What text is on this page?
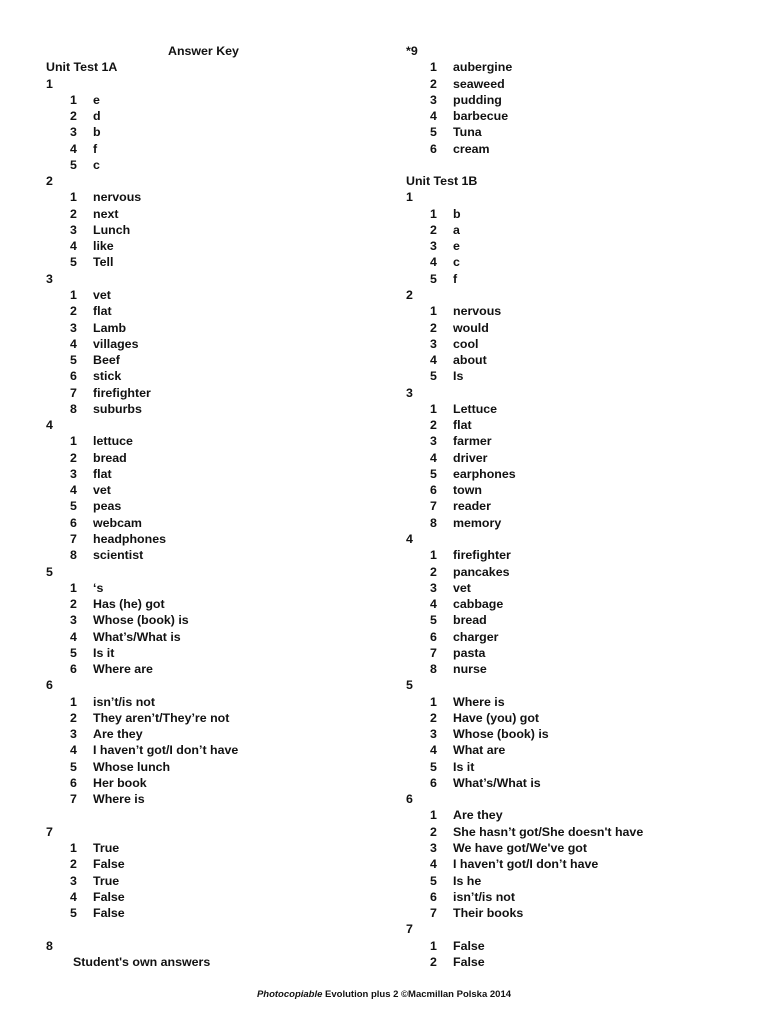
Answer Key
Unit Test 1A
1
1 e
2 d
3 b
4 f
5 c
2
1 nervous
2 next
3 Lunch
4 like
5 Tell
3
1 vet
2 flat
3 Lamb
4 villages
5 Beef
6 stick
7 firefighter
8 suburbs
4
1 lettuce
2 bread
3 flat
4 vet
5 peas
6 webcam
7 headphones
8 scientist
5
1 ‘s
2 Has (he) got
3 Whose (book) is
4 What’s/What is
5 Is it
6 Where are
6
1 isn’t/is not
2 They aren’t/They’re not
3 Are they
4 I haven’t got/I don’t have
5 Whose lunch
6 Her book
7 Where is
7
1 True
2 False
3 True
4 False
5 False
8
Student's own answers
*9
1 aubergine
2 seaweed
3 pudding
4 barbecue
5 Tuna
6 cream
Unit Test 1B
1
1 b
2 a
3 e
4 c
5 f
2
1 nervous
2 would
3 cool
4 about
5 Is
3
1 Lettuce
2 flat
3 farmer
4 driver
5 earphones
6 town
7 reader
8 memory
4
1 firefighter
2 pancakes
3 vet
4 cabbage
5 bread
6 charger
7 pasta
8 nurse
5
1 Where is
2 Have (you) got
3 Whose (book) is
4 What are
5 Is it
6 What’s/What is
6
1 Are they
2 She hasn’t got/She doesn't have
3 We have got/We've got
4 I haven’t got/I don’t have
5 Is he
6 isn’t/is not
7 Their books
7
1 False
2 False
Photocopiable Evolution plus 2 ©Macmillan Polska 2014
